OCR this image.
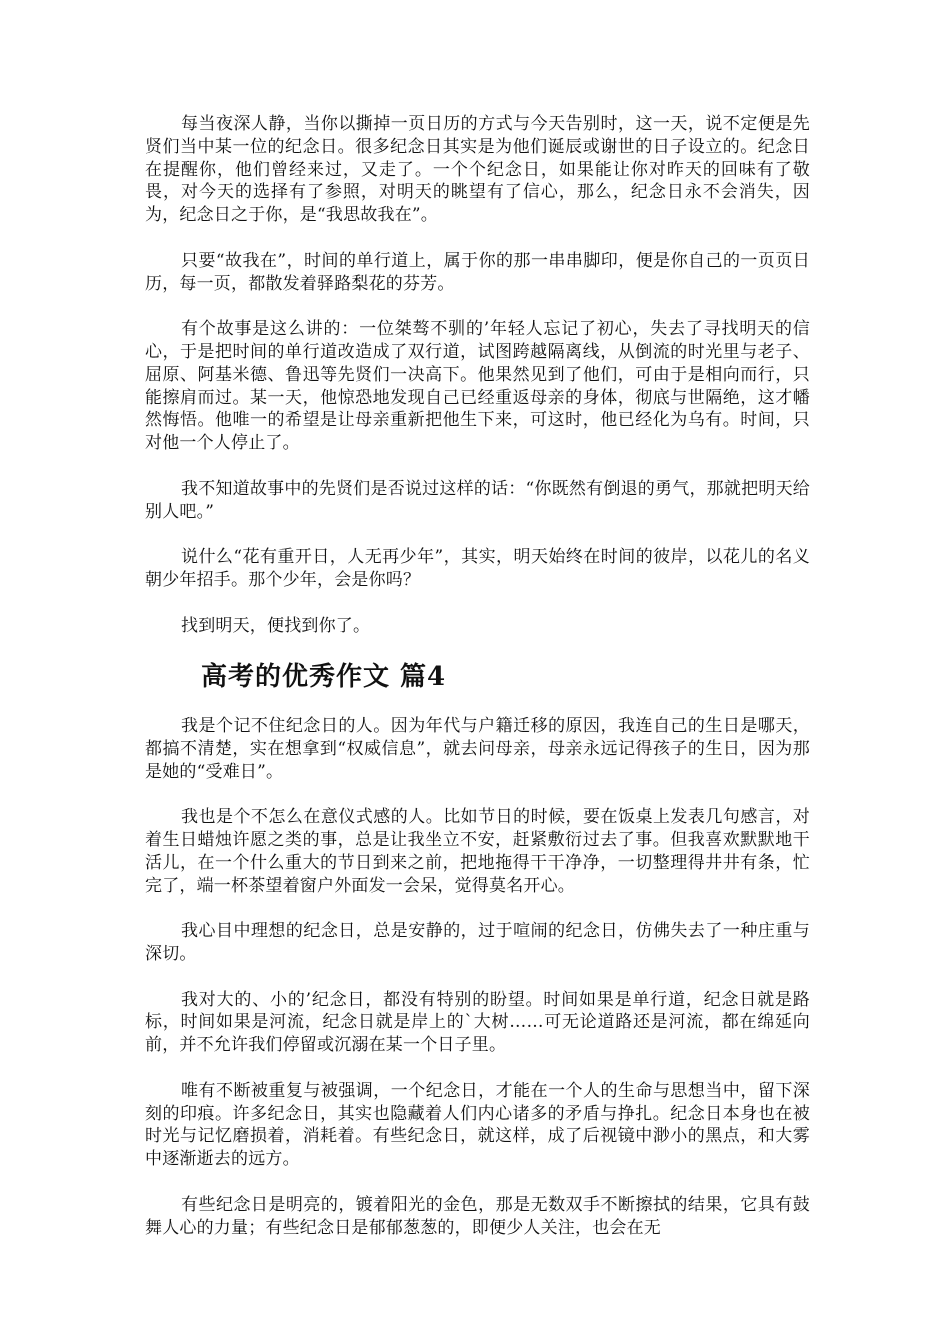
每当夜深人静，当你以撕掉一页日历的方式与今天告别时，这一天，说不定便是先贤们当中某一位的纪念日。很多纪念日其实是为他们诞辰或谢世的日子设立的。纪念日在提醒你，他们曾经来过，又走了。一个个纪念日，如果能让你对昨天的回味有了敬畏，对今天的选择有了参照，对明天的眺望有了信心，那么，纪念日永不会消失，因为，纪念日之于你，是“我思故我在”。

只要“故我在”，时间的单行道上，属于你的那一串串脚印，便是你自己的一页页日历，每一页，都散发着驿路梨花的芬芳。

有个故事是这么讲的：一位桀骜不驯的’年轻人忘记了初心，失去了寻找明天的信心，于是把时间的单行道改造成了双行道，试图跨越隔离线，从倒流的时光里与老子、屈原、阿基米德、鲁迅等先贤们一决高下。他果然见到了他们，可由于是相向而行，只能擦肩而过。某一天，他惊恐地发现自己已经重返母亲的身体，彻底与世隔绝，这才幡然悔悟。他唯一的希望是让母亲重新把他生下来，可这时，他已经化为乌有。时间，只对他一个人停止了。

我不知道故事中的先贤们是否说过这样的话：“你既然有倒退的勇气，那就把明天给别人吧。”

说什么“花有重开日，人无再少年”，其实，明天始终在时间的彼岸，以花儿的名义朝少年招手。那个少年，会是你吗？

找到明天，便找到你了。

高考的优秀作文 篇4

我是个记不住纪念日的人。因为年代与户籍迁移的原因，我连自己的生日是哪天，都搞不清楚，实在想拿到“权威信息”，就去问母亲，母亲永远记得孩子的生日，因为那是她的“受难日”。

我也是个不怎么在意仪式感的人。比如节日的时候，要在饭桌上发表几句感言，对着生日蜡烛许愿之类的事，总是让我坐立不安，赶紧敷衍过去了事。但我喜欢默默地干活儿，在一个什么重大的节日到来之前，把地拖得干干净净，一切整理得井井有条，忙完了，端一杯茶望着窗户外面发一会呆，觉得莫名开心。

我心目中理想的纪念日，总是安静的，过于喧闹的纪念日，仿佛失去了一种庄重与深切。

我对大的、小的’纪念日，都没有特别的盼望。时间如果是单行道，纪念日就是路标，时间如果是河流，纪念日就是岸上的`大树……可无论道路还是河流，都在绵延向前，并不允许我们停留或沉溺在某一个日子里。

唯有不断被重复与被强调，一个纪念日，才能在一个人的生命与思想当中，留下深刻的印痕。许多纪念日，其实也隐藏着人们内心诸多的矛盾与挣扎。纪念日本身也在被时光与记忆磨损着，消耗着。有些纪念日，就这样，成了后视镜中渺小的黑点，和大雾中逐渐逝去的远方。

有些纪念日是明亮的，镀着阳光的金色，那是无数双手不断擦拭的结果，它具有鼓舞人心的力量；有些纪念日是郁郁葱葱的，即便少人关注，也会在无
